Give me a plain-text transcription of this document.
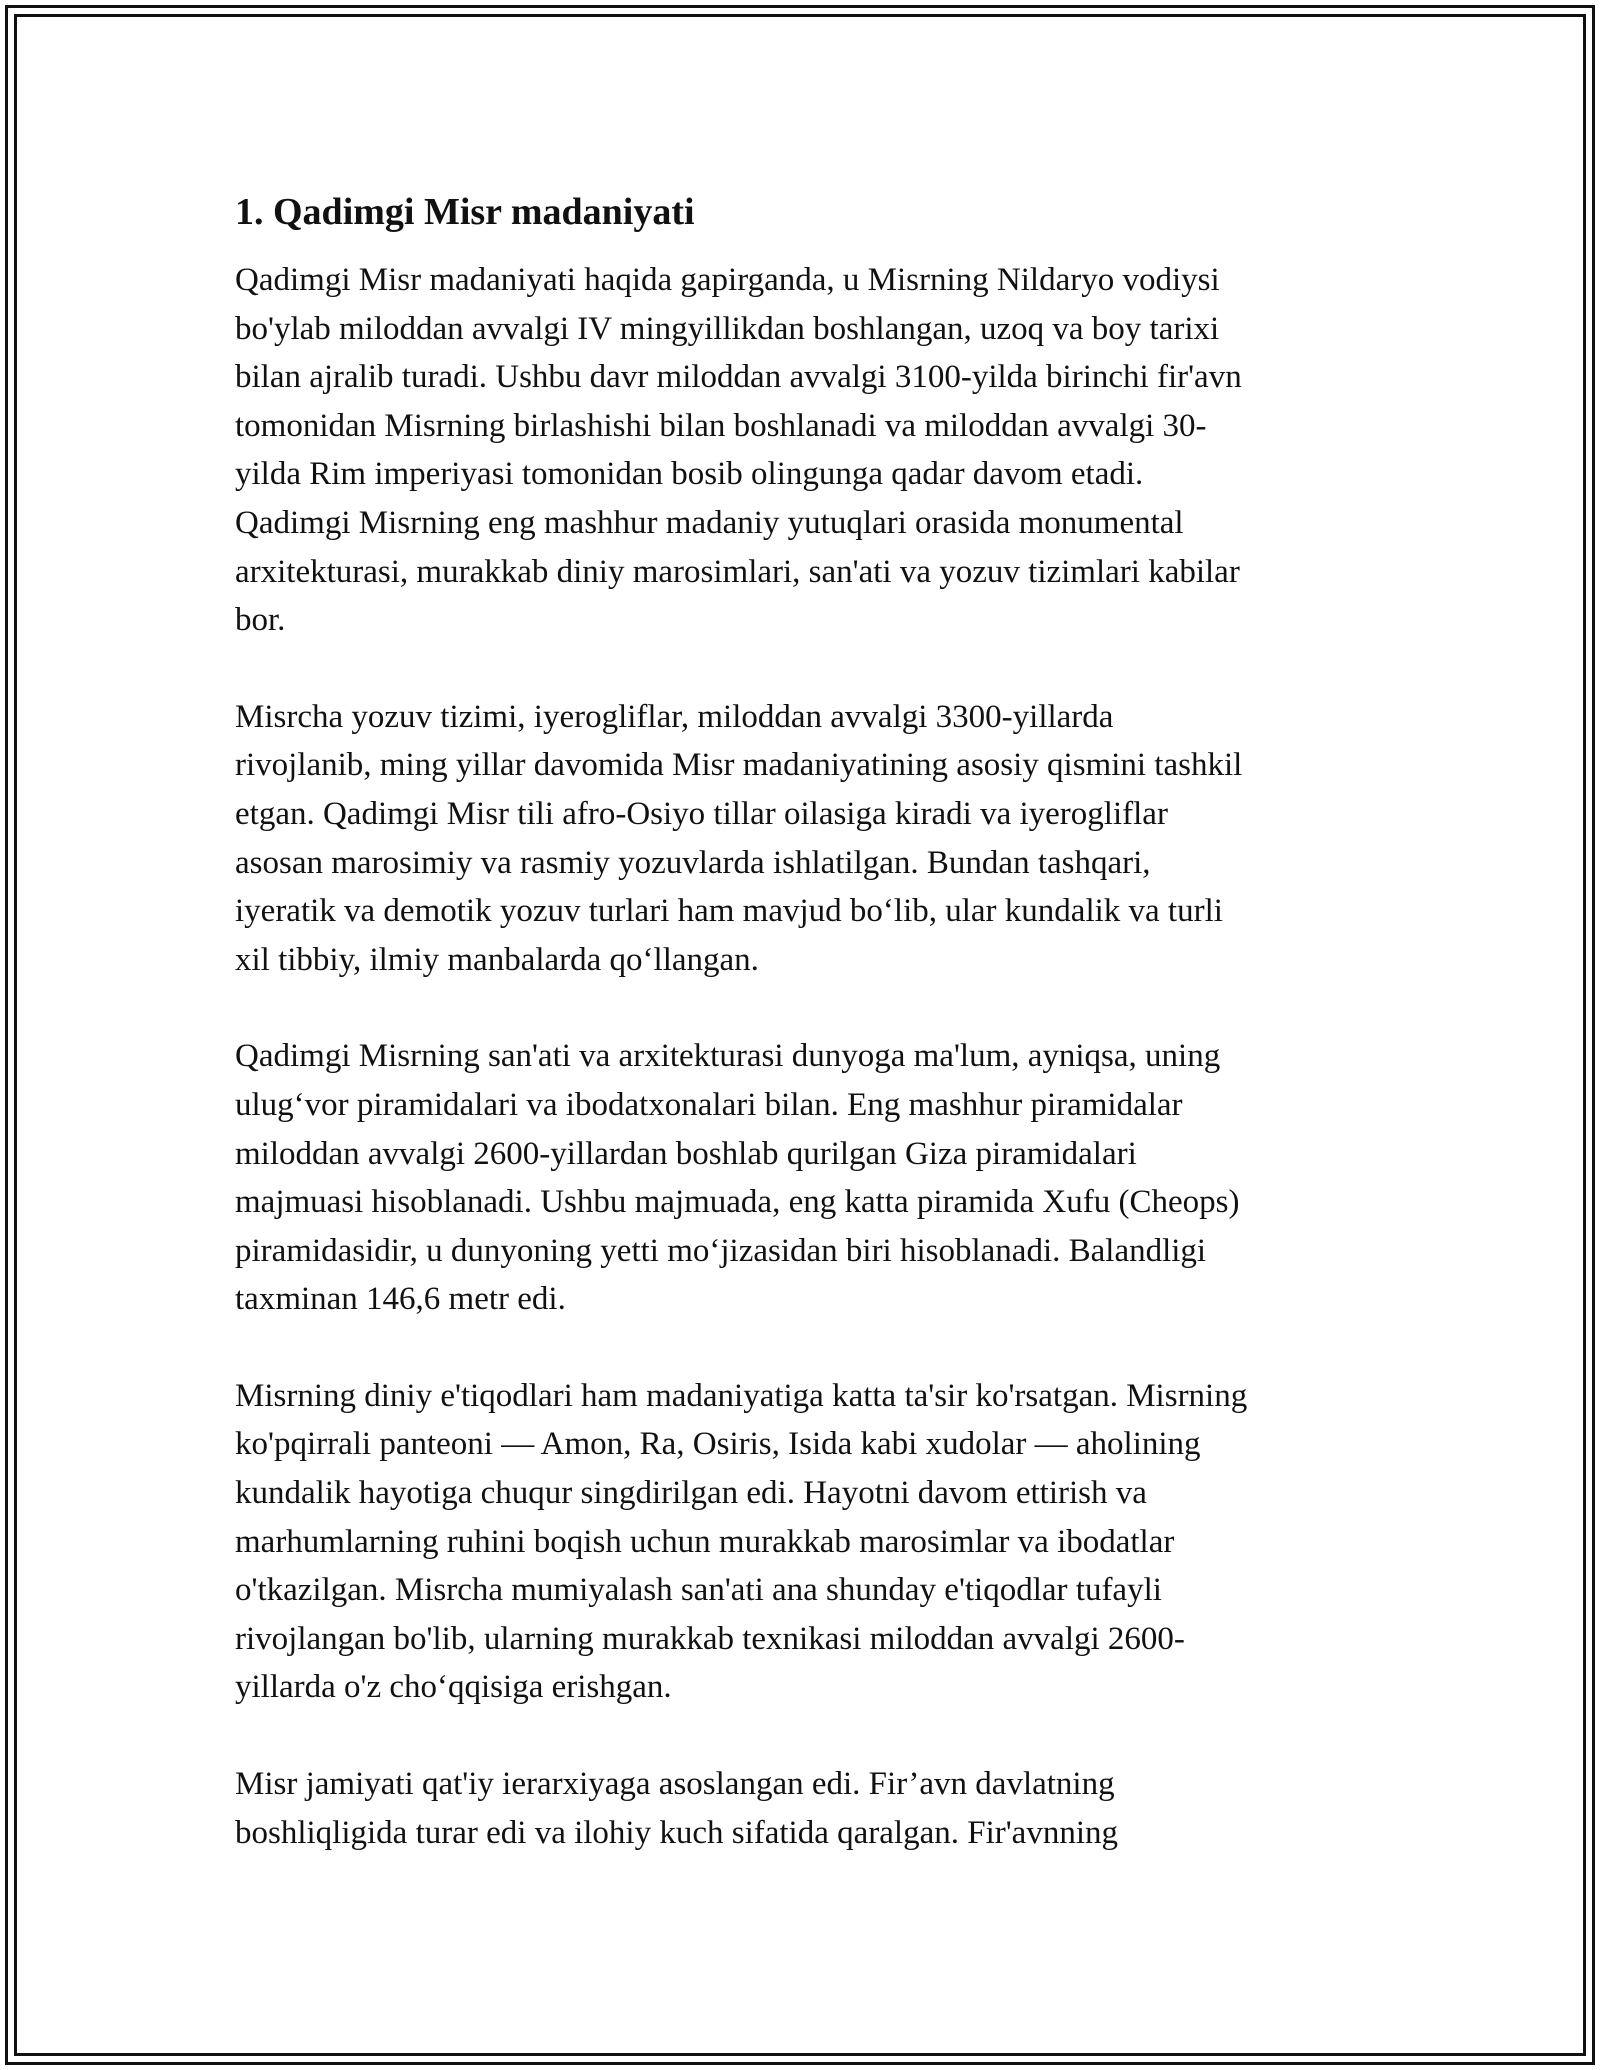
1. Qadimgi Misr madaniyati

Qadimgi Misr madaniyati haqida gapirganda, u Misrning Nildaryo vodiysi
bo'ylab miloddan avvalgi IV mingyillikdan boshlangan, uzoq va boy tarixi
bilan ajralib turadi. Ushbu davr miloddan avvalgi 3100-yilda birinchi fir'avn
tomonidan Misrning birlashishi bilan boshlanadi va miloddan avvalgi 30-
yilda Rim imperiyasi tomonidan bosib olingunga qadar davom etadi.
Qadimgi Misrning eng mashhur madaniy yutuqlari orasida monumental
arxitekturasi, murakkab diniy marosimlari, san'ati va yozuv tizimlari kabilar
bor.

Misrcha yozuv tizimi, iyerogliflar, miloddan avvalgi 3300-yillarda
rivojlanib, ming yillar davomida Misr madaniyatining asosiy qismini tashkil
etgan. Qadimgi Misr tili afro-Osiyo tillar oilasiga kiradi va iyerogliflar
asosan marosimiy va rasmiy yozuvlarda ishlatilgan. Bundan tashqari,
iyeratik va demotik yozuv turlari ham mavjud bo‘lib, ular kundalik va turli
xil tibbiy, ilmiy manbalarda qo‘llangan.

Qadimgi Misrning san'ati va arxitekturasi dunyoga ma'lum, ayniqsa, uning
ulug‘vor piramidalari va ibodatxonalari bilan. Eng mashhur piramidalar
miloddan avvalgi 2600-yillardan boshlab qurilgan Giza piramidalari
majmuasi hisoblanadi. Ushbu majmuada, eng katta piramida Xufu (Cheops)
piramidasidir, u dunyoning yetti mo‘jizasidan biri hisoblanadi. Balandligi
taxminan 146,6 metr edi.

Misrning diniy e'tiqodlari ham madaniyatiga katta ta'sir ko'rsatgan. Misrning
ko'pqirrali panteoni — Amon, Ra, Osiris, Isida kabi xudolar — aholining
kundalik hayotiga chuqur singdirilgan edi. Hayotni davom ettirish va
marhumlarning ruhini boqish uchun murakkab marosimlar va ibodatlar
o'tkazilgan. Misrcha mumiyalash san'ati ana shunday e'tiqodlar tufayli
rivojlangan bo'lib, ularning murakkab texnikasi miloddan avvalgi 2600-
yillarda o'z cho‘qqisiga erishgan.

Misr jamiyati qat'iy ierarxiyaga asoslangan edi. Fir’avn davlatning
boshliqligida turar edi va ilohiy kuch sifatida qaralgan. Fir'avnning
